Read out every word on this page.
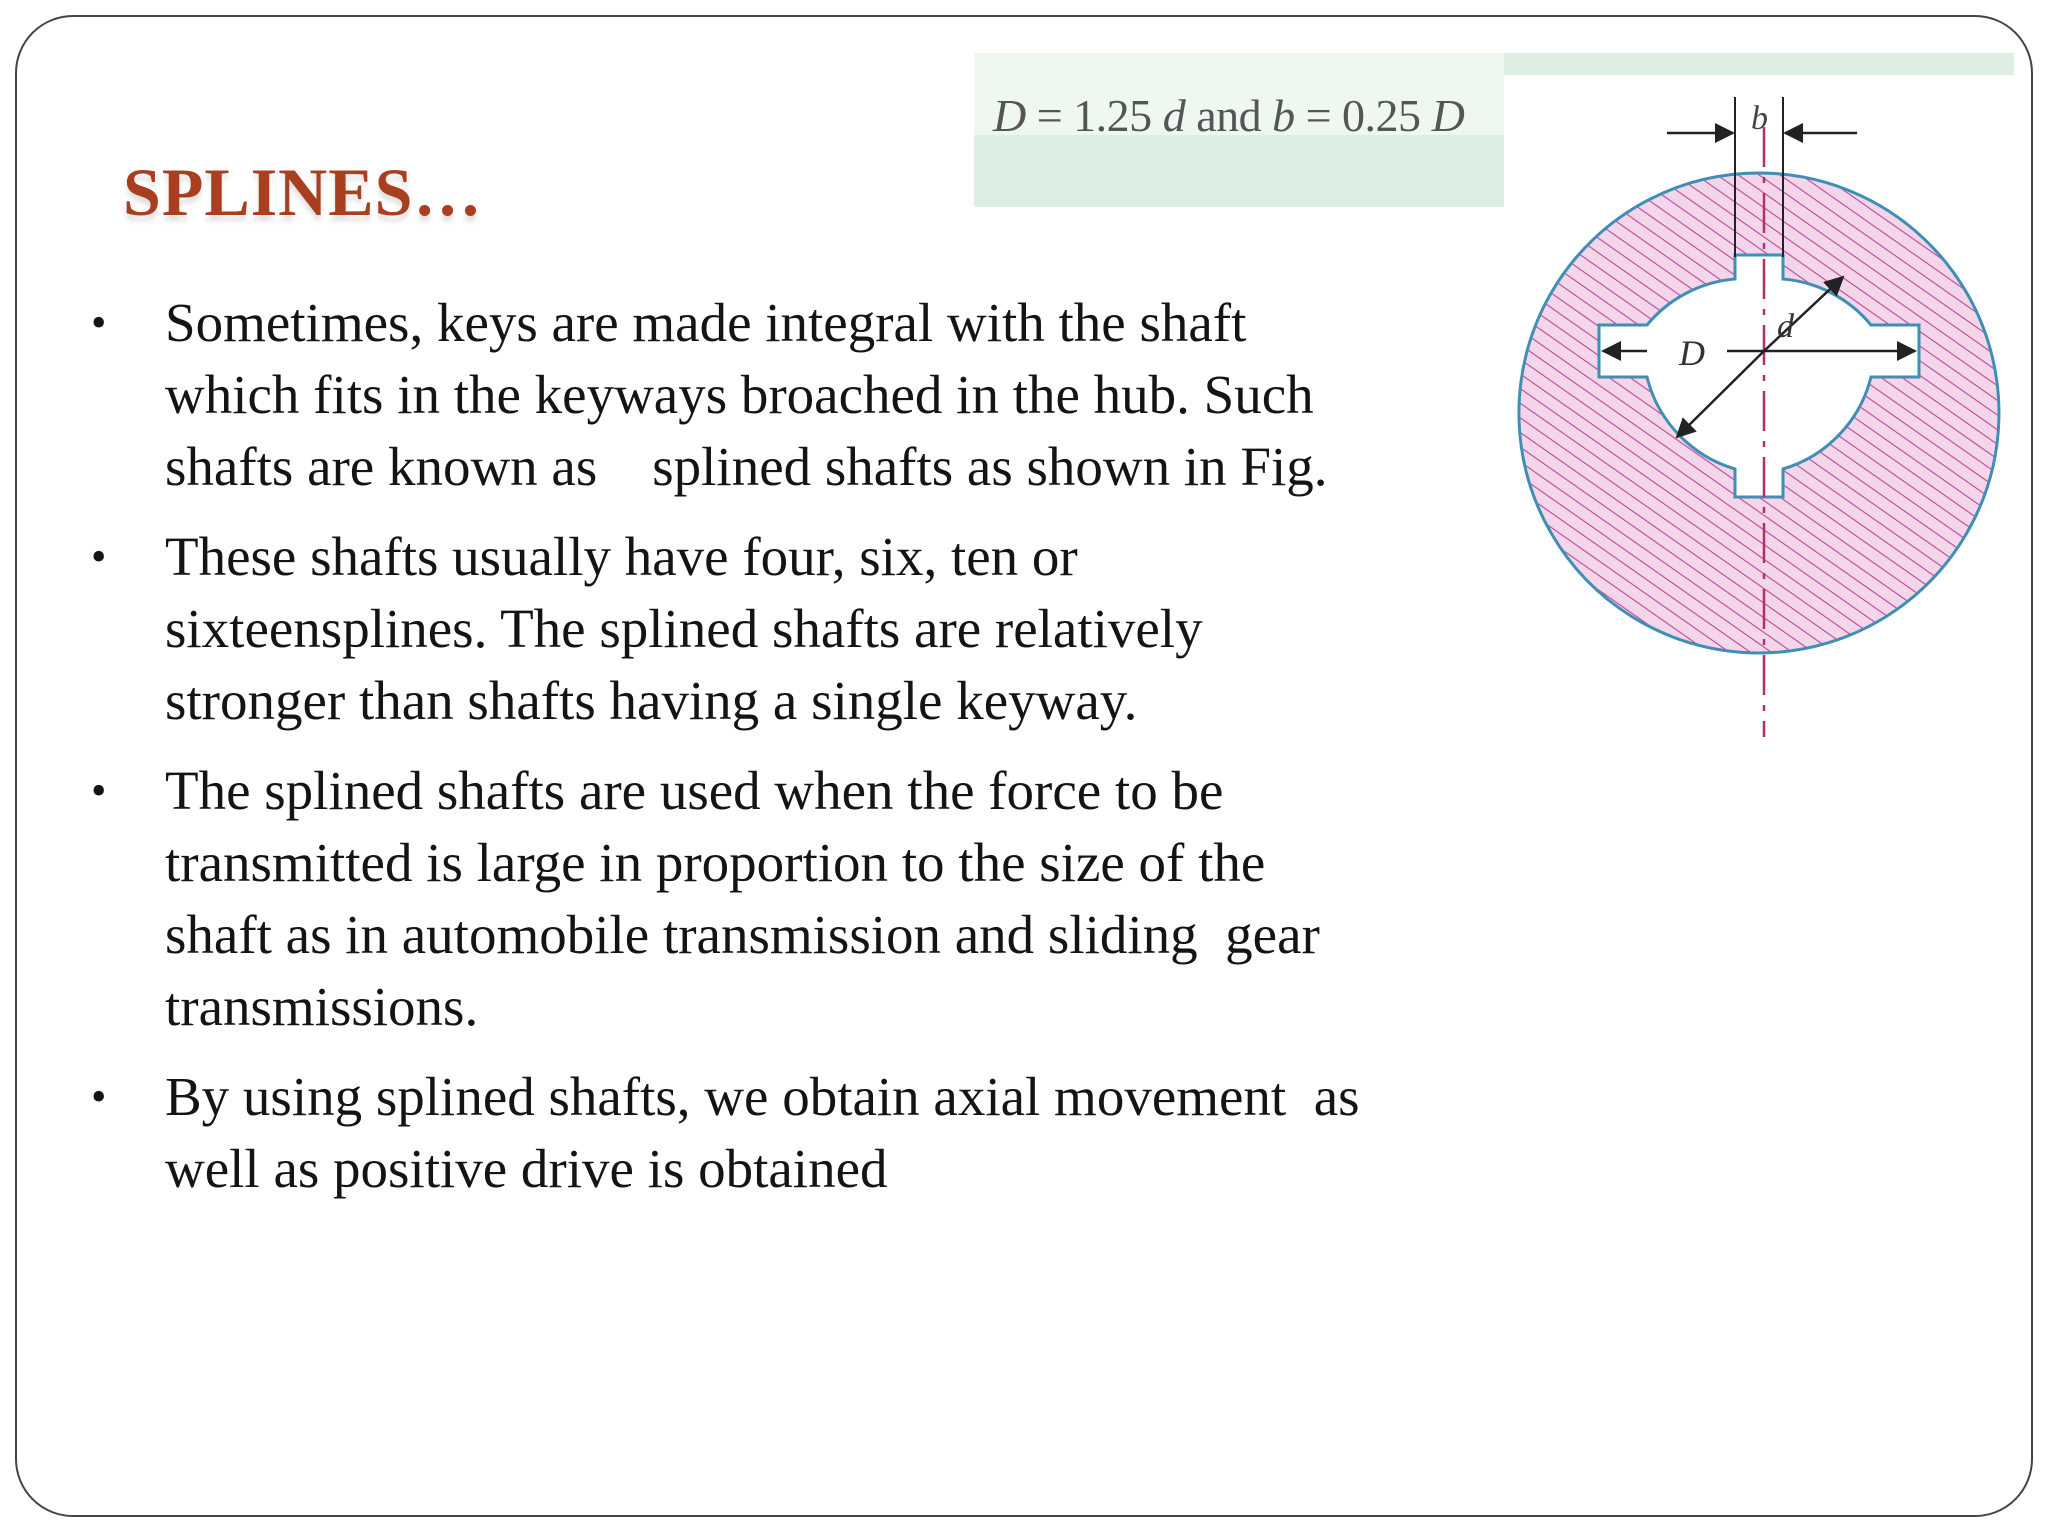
D = 1.25 d and b = 0.25 D
SPLINES…
• Sometimes, keys are made integral with the shaft
which fits in the keyways broached in the hub. Such
shafts are known as    splined shafts as shown in Fig.
• These shafts usually have four, six, ten or
sixteensplines. The splined shafts are relatively
stronger than shafts having a single keyway.
• The splined shafts are used when the force to be
transmitted is large in proportion to the size of the
shaft as in automobile transmission and sliding  gear
transmissions.
• By using splined shafts, we obtain axial movement  as
well as positive drive is obtained
b
D
d
